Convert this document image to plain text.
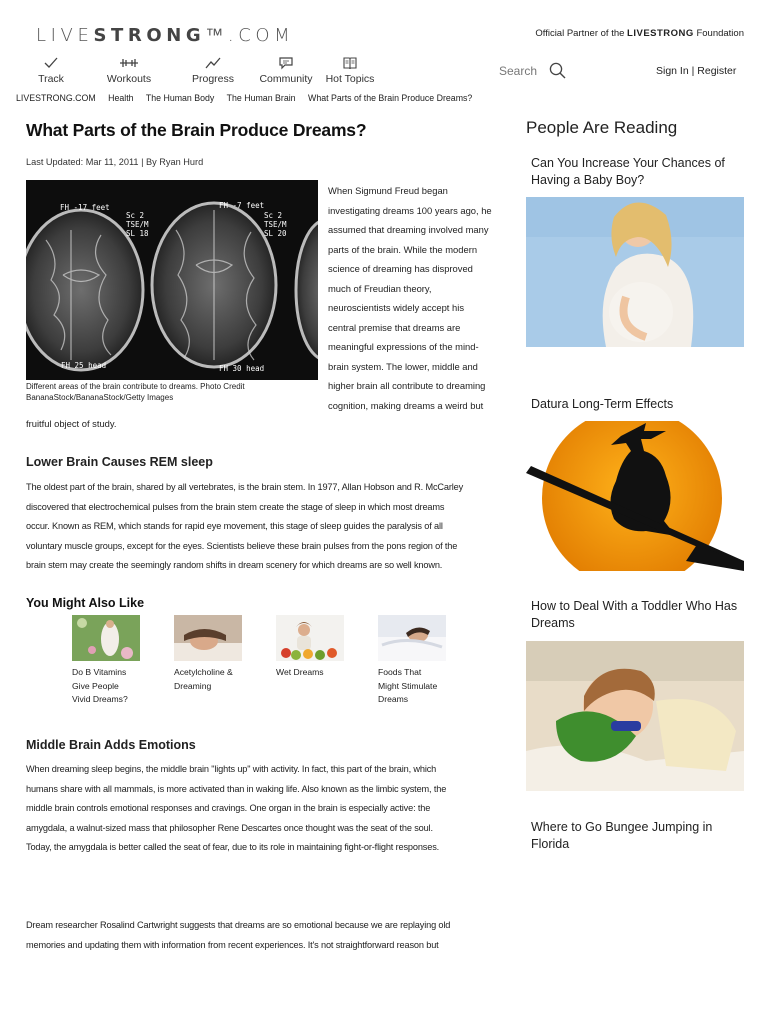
LIVESTRONG™.COM	Official Partner of the LIVESTRONG Foundation
Track	Workouts	Progress Community Hot Topics
Search	Sign In | Register
LIVESTRONG.COM Health The Human Body The Human Brain What Parts of the Brain Produce Dreams?
What Parts of the Brain Produce Dreams?
Last Updated: Mar 11, 2011 | By Ryan Hurd
FH -17 feet	FH -7 feet
FH 25 head	FH 30 head
Sc 2 TSE/M SL 18
Sc 2 TSE/M SL 20
Different areas of the brain contribute to dreams. Photo Credit BananaStock/BananaStock/Getty Images
When Sigmund Freud began
investigating dreams 100 years ago, he
assumed that dreaming involved many
parts of the brain. While the modern
science of dreaming has disproved
much of Freudian theory,
neuroscientists widely accept his
central premise that dreams are
meaningful expressions of the mind-
brain system. The lower, middle and
higher brain all contribute to dreaming
cognition, making dreams a weird but
fruitful object of study.
Lower Brain Causes REM sleep
The oldest part of the brain, shared by all vertebrates, is the brain stem. In 1977, Allan Hobson and R. McCarley
discovered that electrochemical pulses from the brain stem create the stage of sleep in which most dreams
occur. Known as REM, which stands for rapid eye movement, this stage of sleep guides the paralysis of all
voluntary muscle groups, except for the eyes. Scientists believe these brain pulses from the pons region of the
brain stem may create the seemingly random shifts in dream scenery for which dreams are so well known.
You Might Also Like
Do B Vitamins
Give People
Vivid Dreams?
Acetylcholine &
Dreaming
Wet Dreams	Foods That
Might Stimulate
Dreams
Middle Brain Adds Emotions
When dreaming sleep begins, the middle brain "lights up" with activity. In fact, this part of the brain, which
humans share with all mammals, is more activated than in waking life. Also known as the limbic system, the
middle brain controls emotional responses and cravings. One organ in the brain is especially active: the
amygdala, a walnut-sized mass that philosopher Rene Descartes once thought was the seat of the soul.
Today, the amygdala is better called the seat of fear, due to its role in maintaining fight-or-flight responses.
Dream researcher Rosalind Cartwright suggests that dreams are so emotional because we are replaying old
memories and updating them with information from recent experiences. It's not straightforward reason but
People Are Reading
Can You Increase Your Chances of Having a Baby Boy?
Datura Long-Term Effects
How to Deal With a Toddler Who Has Dreams
Where to Go Bungee Jumping in Florida
